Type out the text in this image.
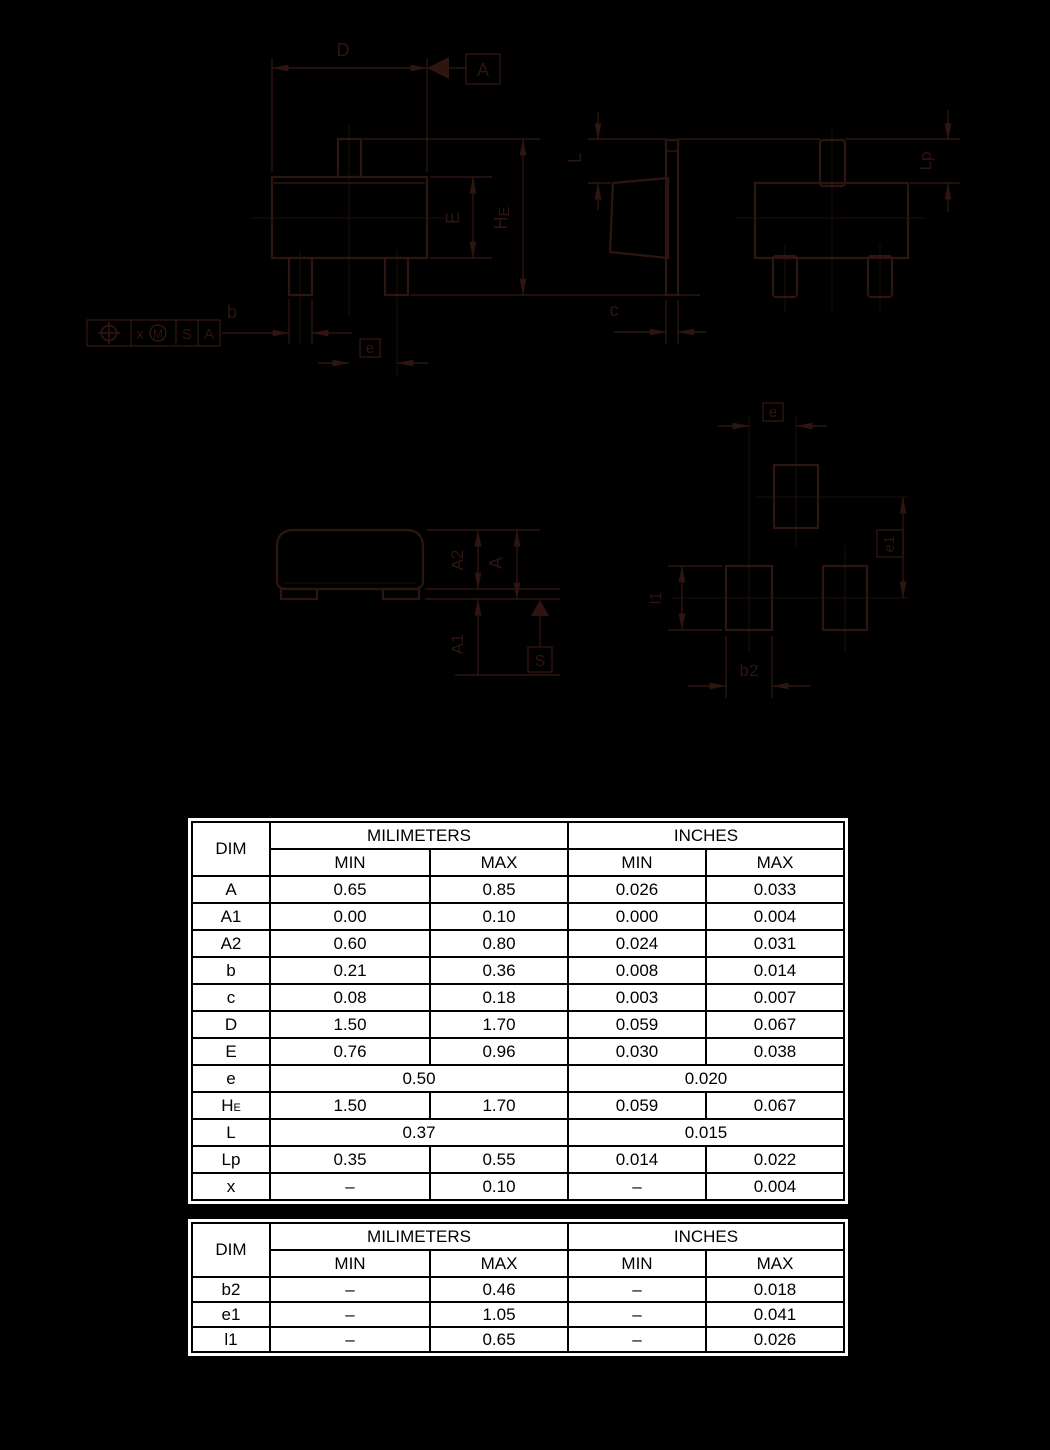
D
A
E HE
b
e
x M S A
L
c
Lp
A2 A
A1
S
e
e1
l1
b2
DIM	MILIMETERS		INCHES	
	MIN	MAX	MIN	MAX
A	0.65	0.85	0.026	0.033
A1	0.00	0.10	0.000	0.004
A2	0.60	0.80	0.024	0.031
b	0.21	0.36	0.008	0.014
c	0.08	0.18	0.003	0.007
D	1.50	1.70	0.059	0.067
E	0.76	0.96	0.030	0.038
e	0.50		0.020	
HE	1.50	1.70	0.059	0.067
L	0.37		0.015	
Lp	0.35	0.55	0.014	0.022
x	–	0.10	–	0.004
DIM	MILIMETERS		INCHES	
	MIN	MAX	MIN	MAX
b2	–	0.46	–	0.018
e1	–	1.05	–	0.041
l1	–	0.65	–	0.026
